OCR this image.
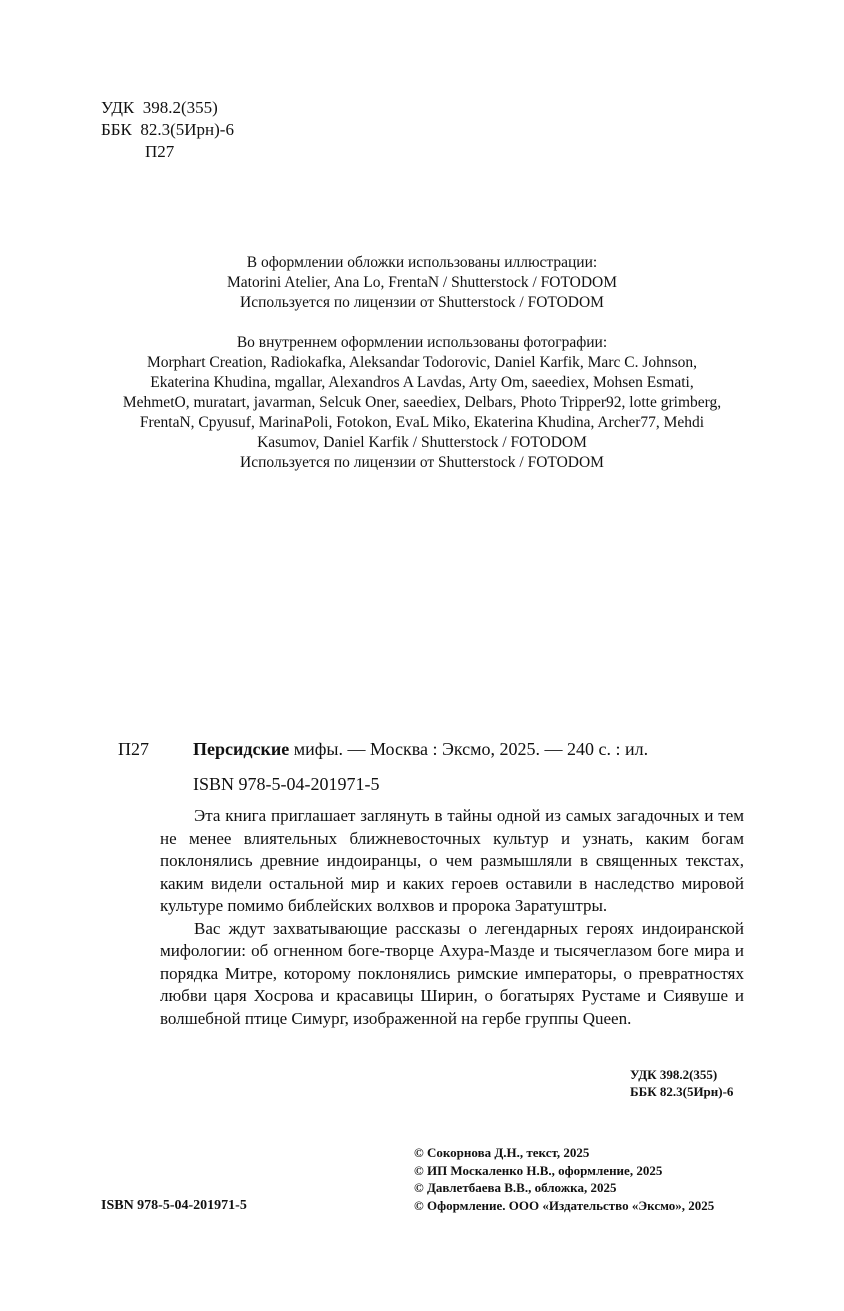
УДК  398.2(355)
ББК  82.3(5Ирн)-6
П27
В оформлении обложки использованы иллюстрации:
Matorini Atelier, Ana Lo, FrentaN / Shutterstock / FOTODOM
Используется по лицензии от Shutterstock / FOTODOM
Во внутреннем оформлении использованы фотографии:
Morphart Creation, Radiokafka, Aleksandar Todorovic, Daniel Karfik, Marc C. Johnson,
Ekaterina Khudina, mgallar, Alexandros A Lavdas, Arty Om, saeediex, Mohsen Esmati,
MehmetO, muratart, javarman, Selcuk Oner, saeediex, Delbars, Photo Tripper92, lotte grimberg,
FrentaN, Cpyusuf, MarinaPoli, Fotokon, EvaL Miko, Ekaterina Khudina, Archer77, Mehdi
Kasumov, Daniel Karfik / Shutterstock / FOTODOM
Используется по лицензии от Shutterstock / FOTODOM
П27 Персидские мифы. — Москва : Эксмо, 2025. — 240 с. : ил.
ISBN 978-5-04-201971-5

Эта книга приглашает заглянуть в тайны одной из самых загадочных и тем не менее влиятельных ближневосточных культур и узнать, каким богам поклонялись древние индоиранцы, о чем размышляли в священных текстах, каким видели остальной мир и каких героев оставили в наследство мировой культуре помимо библейских волхвов и пророка Заратуштры.

Вас ждут захватывающие рассказы о легендарных героях индоиранской мифологии: об огненном боге-творце Ахура-Мазде и тысячеглазом боге мира и порядка Митре, которому поклонялись римские императоры, о превратностях любви царя Хосрова и красавицы Ширин, о богатырях Рустаме и Сиявуше и волшебной птице Симург, изображенной на гербе группы Queen.

УДК 398.2(355)
ББК 82.3(5Ирн)-6
ISBN 978-5-04-201971-5
© Сокорнова Д.Н., текст, 2025
© ИП Москаленко Н.В., оформление, 2025
© Давлетбаева В.В., обложка, 2025
© Оформление. ООО «Издательство «Эксмо», 2025
